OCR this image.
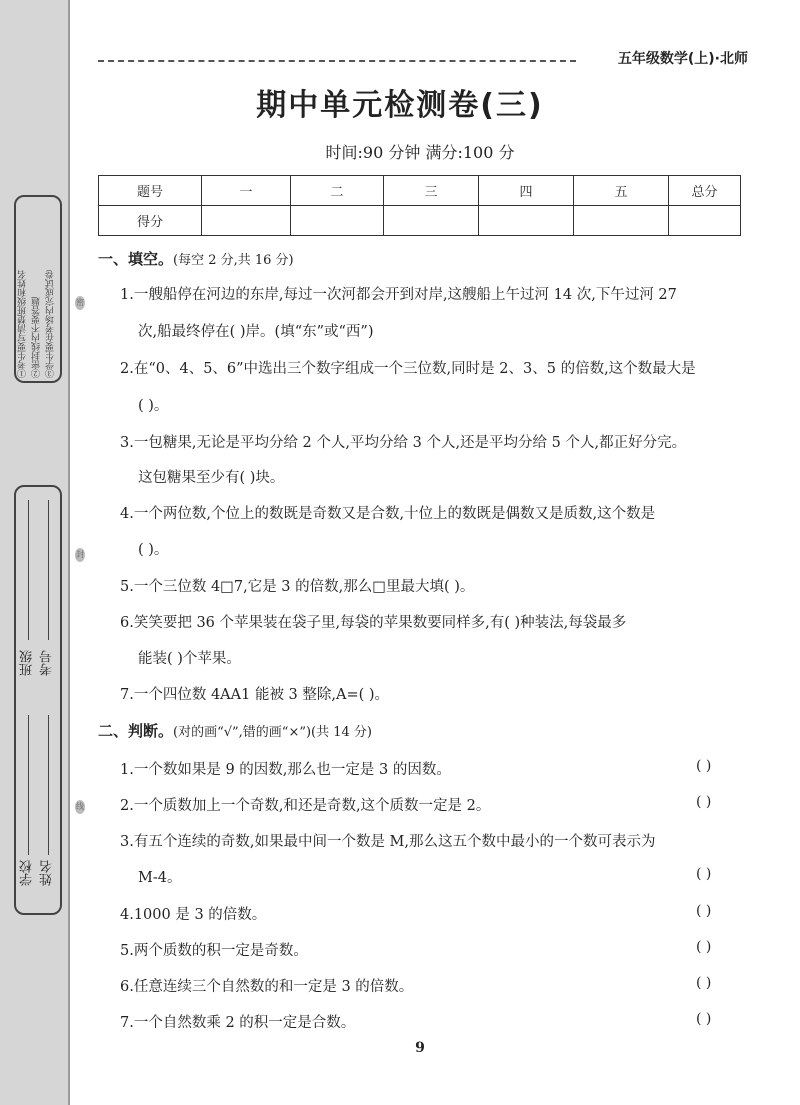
①考生要写清楚班级和姓名 ②密封线内不要答题 ③学生要在考场内完成试卷
班级 考号
学校 姓名
密
封
线
五年级数学(上)·北师
期中单元检测卷(三)
时间:90 分钟 满分:100 分
题号	一	二	三	四	五	总分
得分						
一、填空。(每空 2 分,共 16 分)
1.一艘船停在河边的东岸,每过一次河都会开到对岸,这艘船上午过河 14 次,下午过河 27
次,船最终停在( )岸。(填“东”或“西”)
2.在“0、4、5、6”中选出三个数字组成一个三位数,同时是 2、3、5 的倍数,这个数最大是
( )。
3.一包糖果,无论是平均分给 2 个人,平均分给 3 个人,还是平均分给 5 个人,都正好分完。
这包糖果至少有( )块。
4.一个两位数,个位上的数既是奇数又是合数,十位上的数既是偶数又是质数,这个数是
( )。
5.一个三位数 4□7,它是 3 的倍数,那么□里最大填( )。
6.笑笑要把 36 个苹果装在袋子里,每袋的苹果数要同样多,有( )种装法,每袋最多
能装( )个苹果。
7.一个四位数 4AA1 能被 3 整除,A=( )。
二、判断。(对的画“√”,错的画“×”)(共 14 分)
1.一个数如果是 9 的因数,那么也一定是 3 的因数。	( )
2.一个质数加上一个奇数,和还是奇数,这个质数一定是 2。	( )
3.有五个连续的奇数,如果最中间一个数是 M,那么这五个数中最小的一个数可表示为
M-4。	( )
4.1000 是 3 的倍数。	( )
5.两个质数的积一定是奇数。	( )
6.任意连续三个自然数的和一定是 3 的倍数。	( )
7.一个自然数乘 2 的积一定是合数。	( )
9
